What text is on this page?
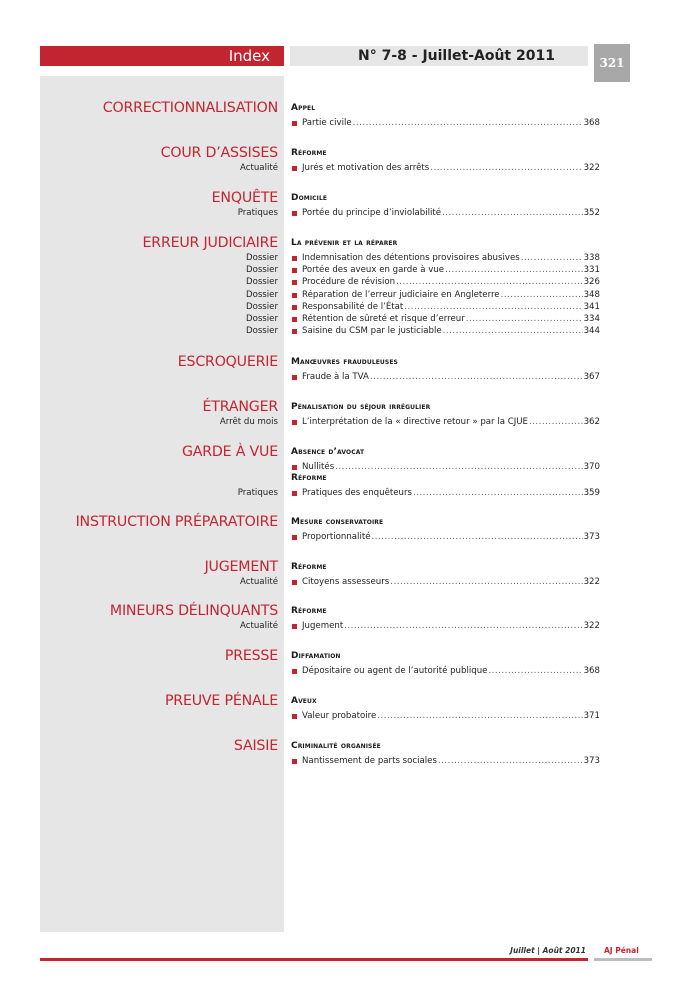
Index	N° 7-8 - Juillet-Août 2011	321
CORRECTIONNALISATION Appel
Partie civile .....	368
COUR D’ASSISES Réforme
Actualité	Jurés et motivation des arrêts .....	322
ENQUÊTE Domicile
Pratiques	Portée du principe d’inviolabilité .....	352
ERREUR JUDICIAIRE La prévenir et la réparer
Dossier	Indemnisation des détentions provisoires abusives .....	338
Dossier	Portée des aveux en garde à vue .....	331
Dossier	Procédure de révision .....	326
Dossier	Réparation de l’erreur judiciaire en Angleterre .....	348
Dossier	Responsabilité de l’État .....	341
Dossier	Rétention de sûreté et risque d’erreur .....	334
Dossier	Saisine du CSM par le justiciable .....	344
ESCROQUERIE Manœuvres frauduleuses
Fraude à la TVA .....	367
ÉTRANGER Pénalisation du séjour irrégulier
Arrêt du mois	L’interprétation de la « directive retour » par la CJUE .....	362
GARDE À VUE Absence d’avocat
Nullités .....	370
Réforme
Pratiques	Pratiques des enquêteurs .....	359
INSTRUCTION PRÉPARATOIRE Mesure conservatoire
Proportionnalité .....	373
JUGEMENT Réforme
Actualité	Citoyens assesseurs .....	322
MINEURS DÉLINQUANTS Réforme
Actualité	Jugement .....	322
PRESSE Diffamation
Dépositaire ou agent de l’autorité publique .....	368
PREUVE PÉNALE Aveux
Valeur probatoire .....	371
SAISIE Criminalité organisée
Nantissement de parts sociales .....	373
Juillet | Août 2011 AJ Pénal
